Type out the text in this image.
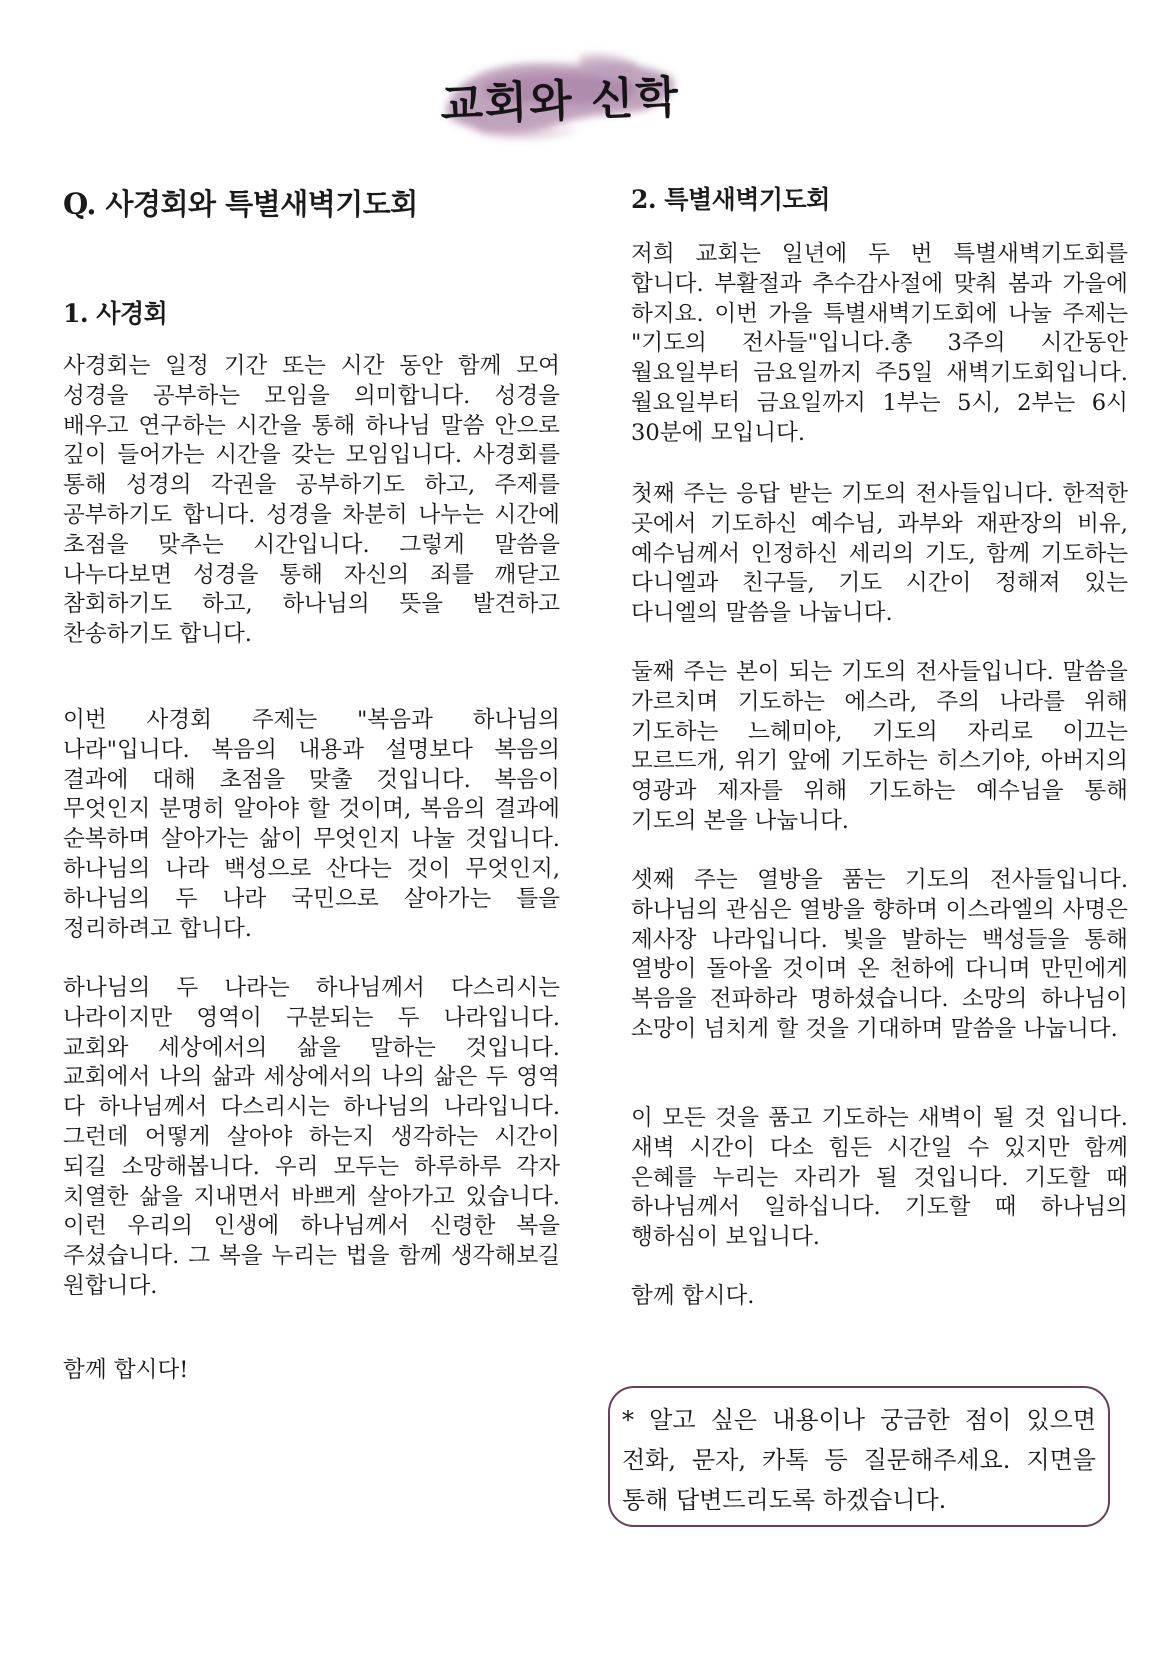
교회와 신학
Q. 사경회와 특별새벽기도회
1. 사경회

사경회는 일정 기간 또는 시간 동안 함께 모여 성경을 공부하는 모임을 의미합니다. 성경을 배우고 연구하는 시간을 통해 하나님 말씀 안으로 깊이 들어가는 시간을 갖는 모임입니다. 사경회를 통해 성경의 각권을 공부하기도 하고, 주제를 공부하기도 합니다. 성경을 차분히 나누는 시간에 초점을 맞추는 시간입니다. 그렇게 말씀을 나누다보면 성경을 통해 자신의 죄를 깨닫고 참회하기도 하고, 하나님의 뜻을 발견하고 찬송하기도 합니다.

이번 사경회 주제는 "복음과 하나님의 나라"입니다. 복음의 내용과 설명보다 복음의 결과에 대해 초점을 맞출 것입니다. 복음이 무엇인지 분명히 알아야 할 것이며, 복음의 결과에 순복하며 살아가는 삶이 무엇인지 나눌 것입니다. 하나님의 나라 백성으로 산다는 것이 무엇인지, 하나님의 두 나라 국민으로 살아가는 틀을 정리하려고 합니다.

하나님의 두 나라는 하나님께서 다스리시는 나라이지만 영역이 구분되는 두 나라입니다. 교회와 세상에서의 삶을 말하는 것입니다. 교회에서 나의 삶과 세상에서의 나의 삶은 두 영역 다 하나님께서 다스리시는 하나님의 나라입니다. 그런데 어떻게 살아야 하는지 생각하는 시간이 되길 소망해봅니다. 우리 모두는 하루하루 각자 치열한 삶을 지내면서 바쁘게 살아가고 있습니다. 이런 우리의 인생에 하나님께서 신령한 복을 주셨습니다. 그 복을 누리는 법을 함께 생각해보길 원합니다.

함께 합시다!

2. 특별새벽기도회

저희 교회는 일년에 두 번 특별새벽기도회를 합니다. 부활절과 추수감사절에 맞춰 봄과 가을에 하지요. 이번 가을 특별새벽기도회에 나눌 주제는 "기도의 전사들"입니다.총 3주의 시간동안 월요일부터 금요일까지 주5일 새벽기도회입니다. 월요일부터 금요일까지 1부는 5시, 2부는 6시 30분에 모입니다.

첫째 주는 응답 받는 기도의 전사들입니다. 한적한 곳에서 기도하신 예수님, 과부와 재판장의 비유, 예수님께서 인정하신 세리의 기도, 함께 기도하는 다니엘과 친구들, 기도 시간이 정해져 있는 다니엘의 말씀을 나눕니다.

둘째 주는 본이 되는 기도의 전사들입니다. 말씀을 가르치며 기도하는 에스라, 주의 나라를 위해 기도하는 느헤미야, 기도의 자리로 이끄는 모르드개, 위기 앞에 기도하는 히스기야, 아버지의 영광과 제자를 위해 기도하는 예수님을 통해 기도의 본을 나눕니다.

셋째 주는 열방을 품는 기도의 전사들입니다. 하나님의 관심은 열방을 향하며 이스라엘의 사명은 제사장 나라입니다. 빛을 발하는 백성들을 통해 열방이 돌아올 것이며 온 천하에 다니며 만민에게 복음을 전파하라 명하셨습니다. 소망의 하나님이 소망이 넘치게 할 것을 기대하며 말씀을 나눕니다.

이 모든 것을 품고 기도하는 새벽이 될 것 입니다. 새벽 시간이 다소 힘든 시간일 수 있지만 함께 은혜를 누리는 자리가 될 것입니다. 기도할 때 하나님께서 일하십니다. 기도할 때 하나님의 행하심이 보입니다.

함께 합시다.

* 알고 싶은 내용이나 궁금한 점이 있으면 전화, 문자, 카톡 등 질문해주세요. 지면을 통해 답변드리도록 하겠습니다.
